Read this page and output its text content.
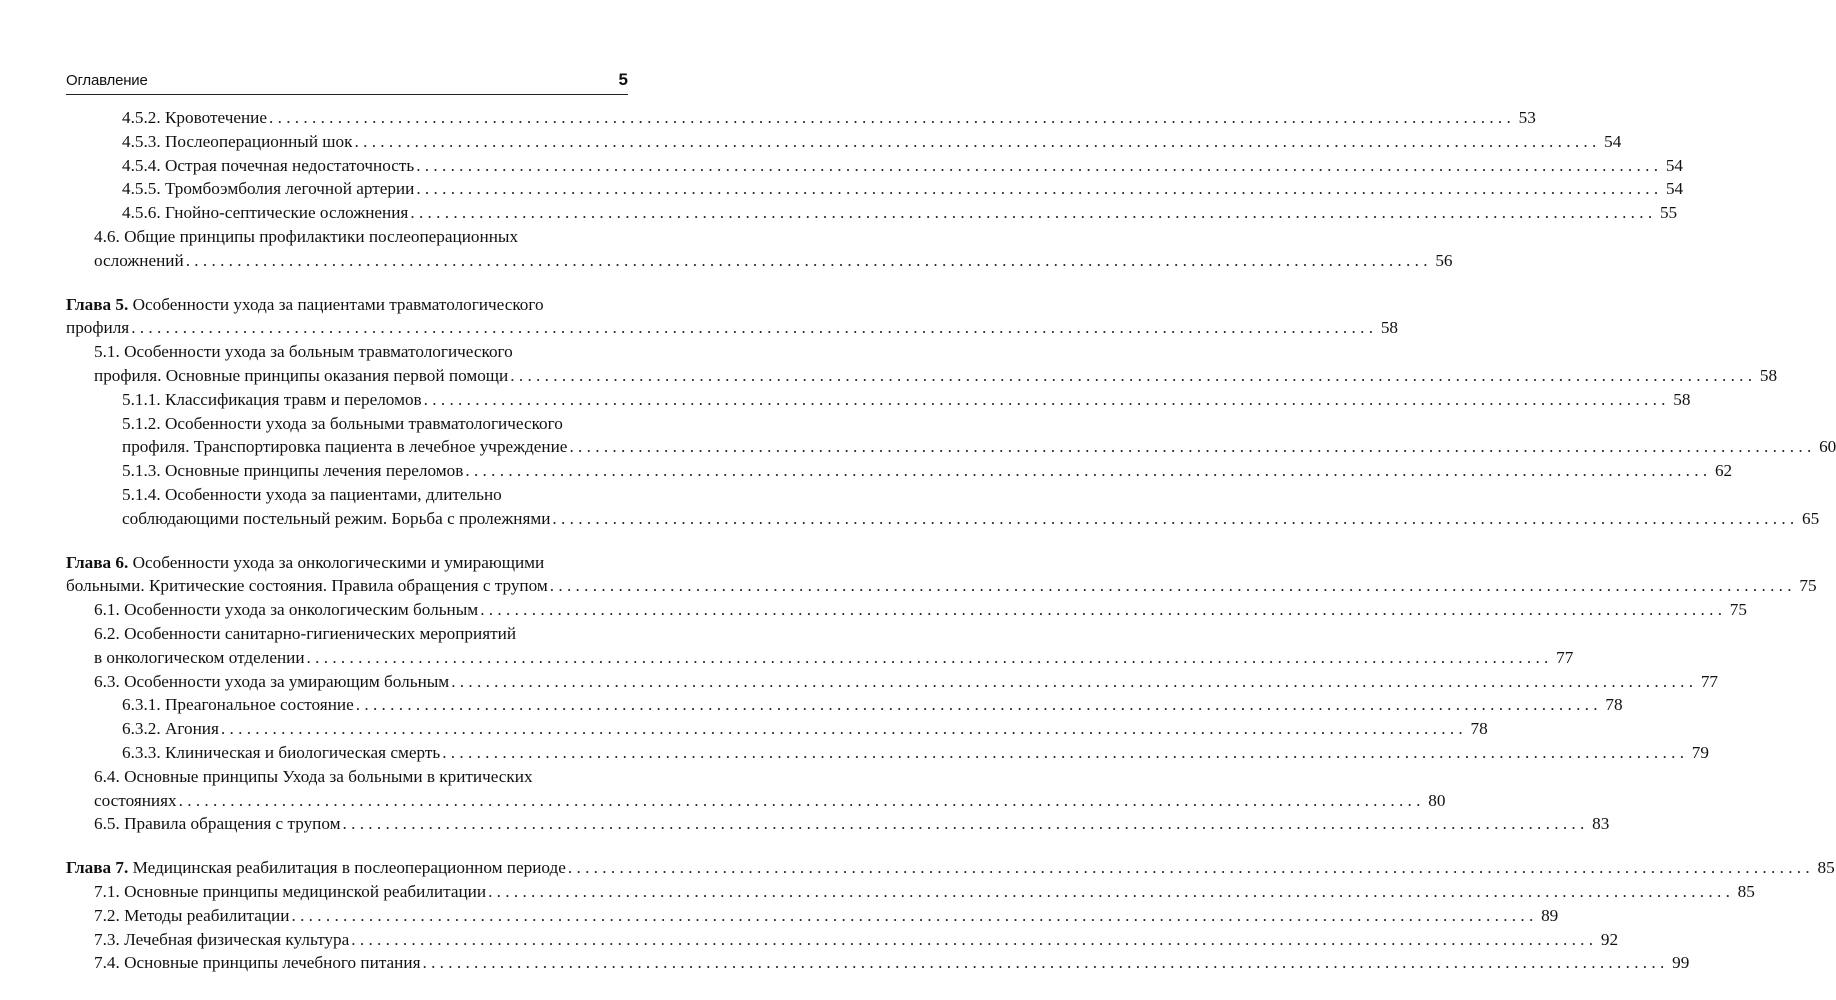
Оглавление	5
4.5.2. Кровотечение . . .	53
4.5.3. Послеоперационный шок . . .	54
4.5.4. Острая почечная недостаточность . . .	54
4.5.5. Тромбоэмболия легочной артерии . . .	54
4.5.6. Гнойно-септические осложнения . . .	55
4.6. Общие принципы профилактики послеоперационных
осложнений . . .	56
Глава 5. Особенности ухода за пациентами травматологического
профиля . . .	58
5.1. Особенности ухода за больным травматологического
профиля. Основные принципы оказания первой помощи . . .	58
5.1.1. Классификация травм и переломов . . .	58
5.1.2. Особенности ухода за больными травматологического
профиля. Транспортировка пациента в лечебное учреждение . . .	60
5.1.3. Основные принципы лечения переломов . . .	62
5.1.4. Особенности ухода за пациентами, длительно
соблюдающими постельный режим. Борьба с пролежнями . . .	65
Глава 6. Особенности ухода за онкологическими и умирающими
больными. Критические состояния. Правила обращения с трупом . . .	75
6.1. Особенности ухода за онкологическим больным . . .	75
6.2. Особенности санитарно-гигиенических мероприятий
в онкологическом отделении . . .	77
6.3. Особенности ухода за умирающим больным . . .	77
6.3.1. Преагональное состояние . . .	78
6.3.2. Агония . . .	78
6.3.3. Клиническая и биологическая смерть . . .	79
6.4. Основные принципы Ухода за больными в критических
состояниях . . .	80
6.5. Правила обращения с трупом . . .	83
Глава 7. Медицинская реабилитация в послеоперационном периоде . . .	85
7.1. Основные принципы медицинской реабилитации . . .	85
7.2. Методы реабилитации . . .	89
7.3. Лечебная физическая культура . . .	92
7.4. Основные принципы лечебного питания . . .	99
